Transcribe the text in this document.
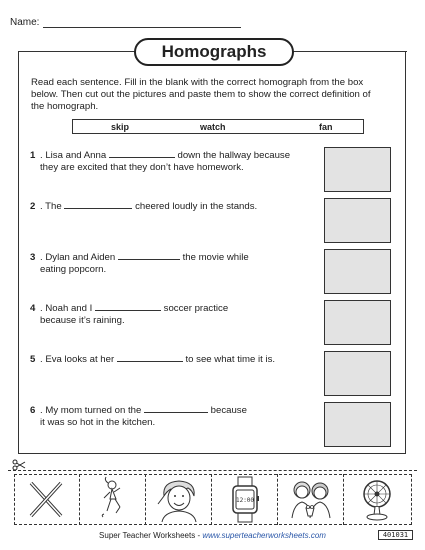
Name:
Homographs
Read each sentence. Fill in the blank with the correct homograph from the box below. Then cut out the pictures and paste them to show the correct definition of the homograph.
skip	watch	fan
1 . Lisa and Anna	down the hallway because
they are excited that they don’t have homework.
2 . The	cheered loudly in the stands.
3 . Dylan and Aiden	the movie while
eating popcorn.
4 . Noah and I	soccer practice
because it’s raining.
5 . Eva looks at her	to see what time it is.
6 . My mom turned on the	because
it was so hot in the kitchen.
12:00
Super Teacher Worksheets - www.superteacherworksheets.com	401031
